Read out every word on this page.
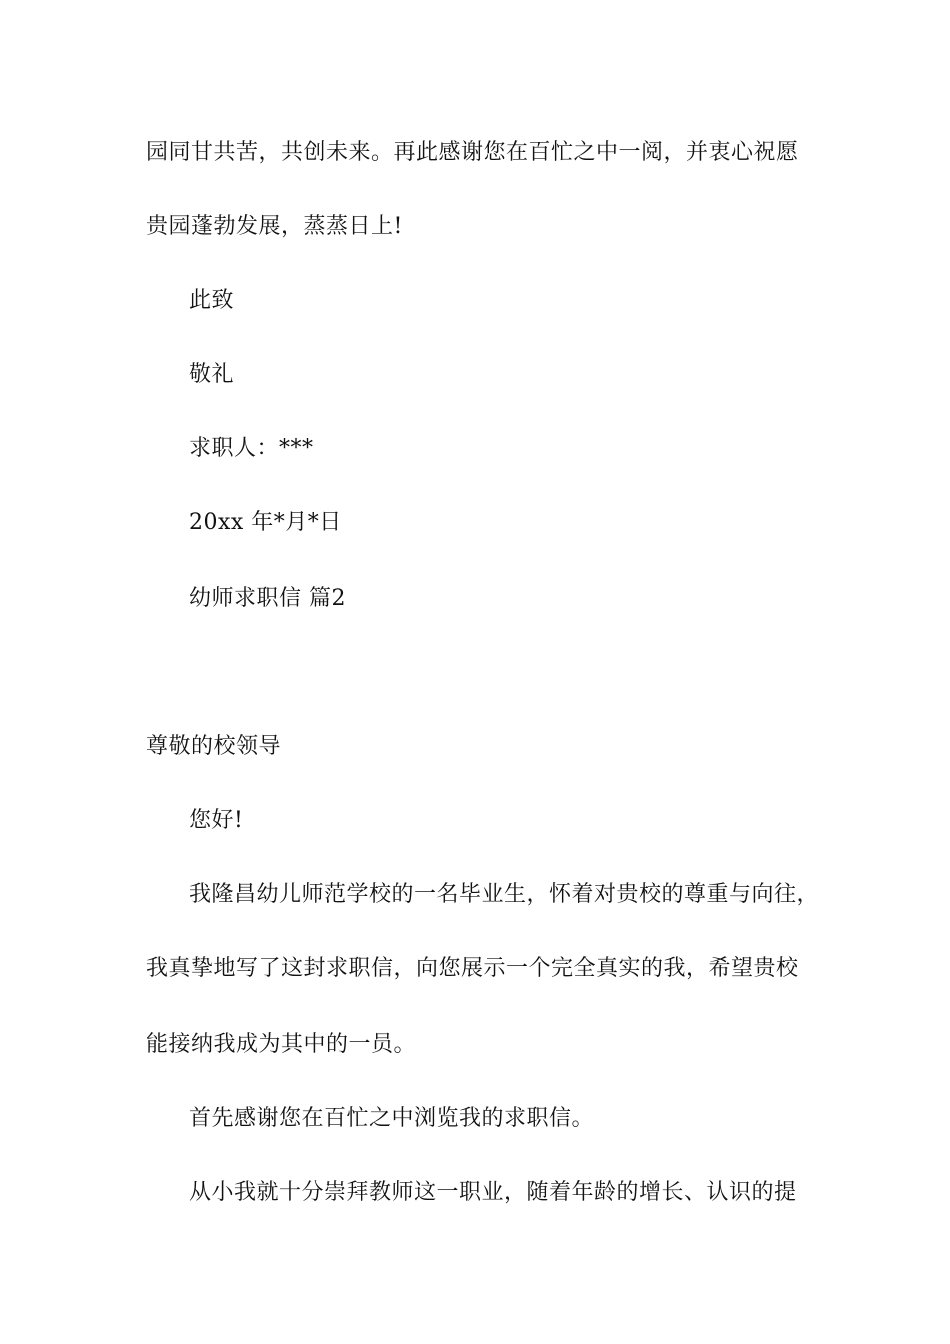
园同甘共苦，共创未来。再此感谢您在百忙之中一阅，并衷心祝愿
贵园蓬勃发展，蒸蒸日上!
此致
敬礼
求职人：***
20xx 年*月*日
幼师求职信 篇2
尊敬的校领导
您好!
我隆昌幼儿师范学校的一名毕业生，怀着对贵校的尊重与向往，
我真挚地写了这封求职信，向您展示一个完全真实的我，希望贵校
能接纳我成为其中的一员。
首先感谢您在百忙之中浏览我的求职信。
从小我就十分崇拜教师这一职业，随着年龄的增长、认识的提
